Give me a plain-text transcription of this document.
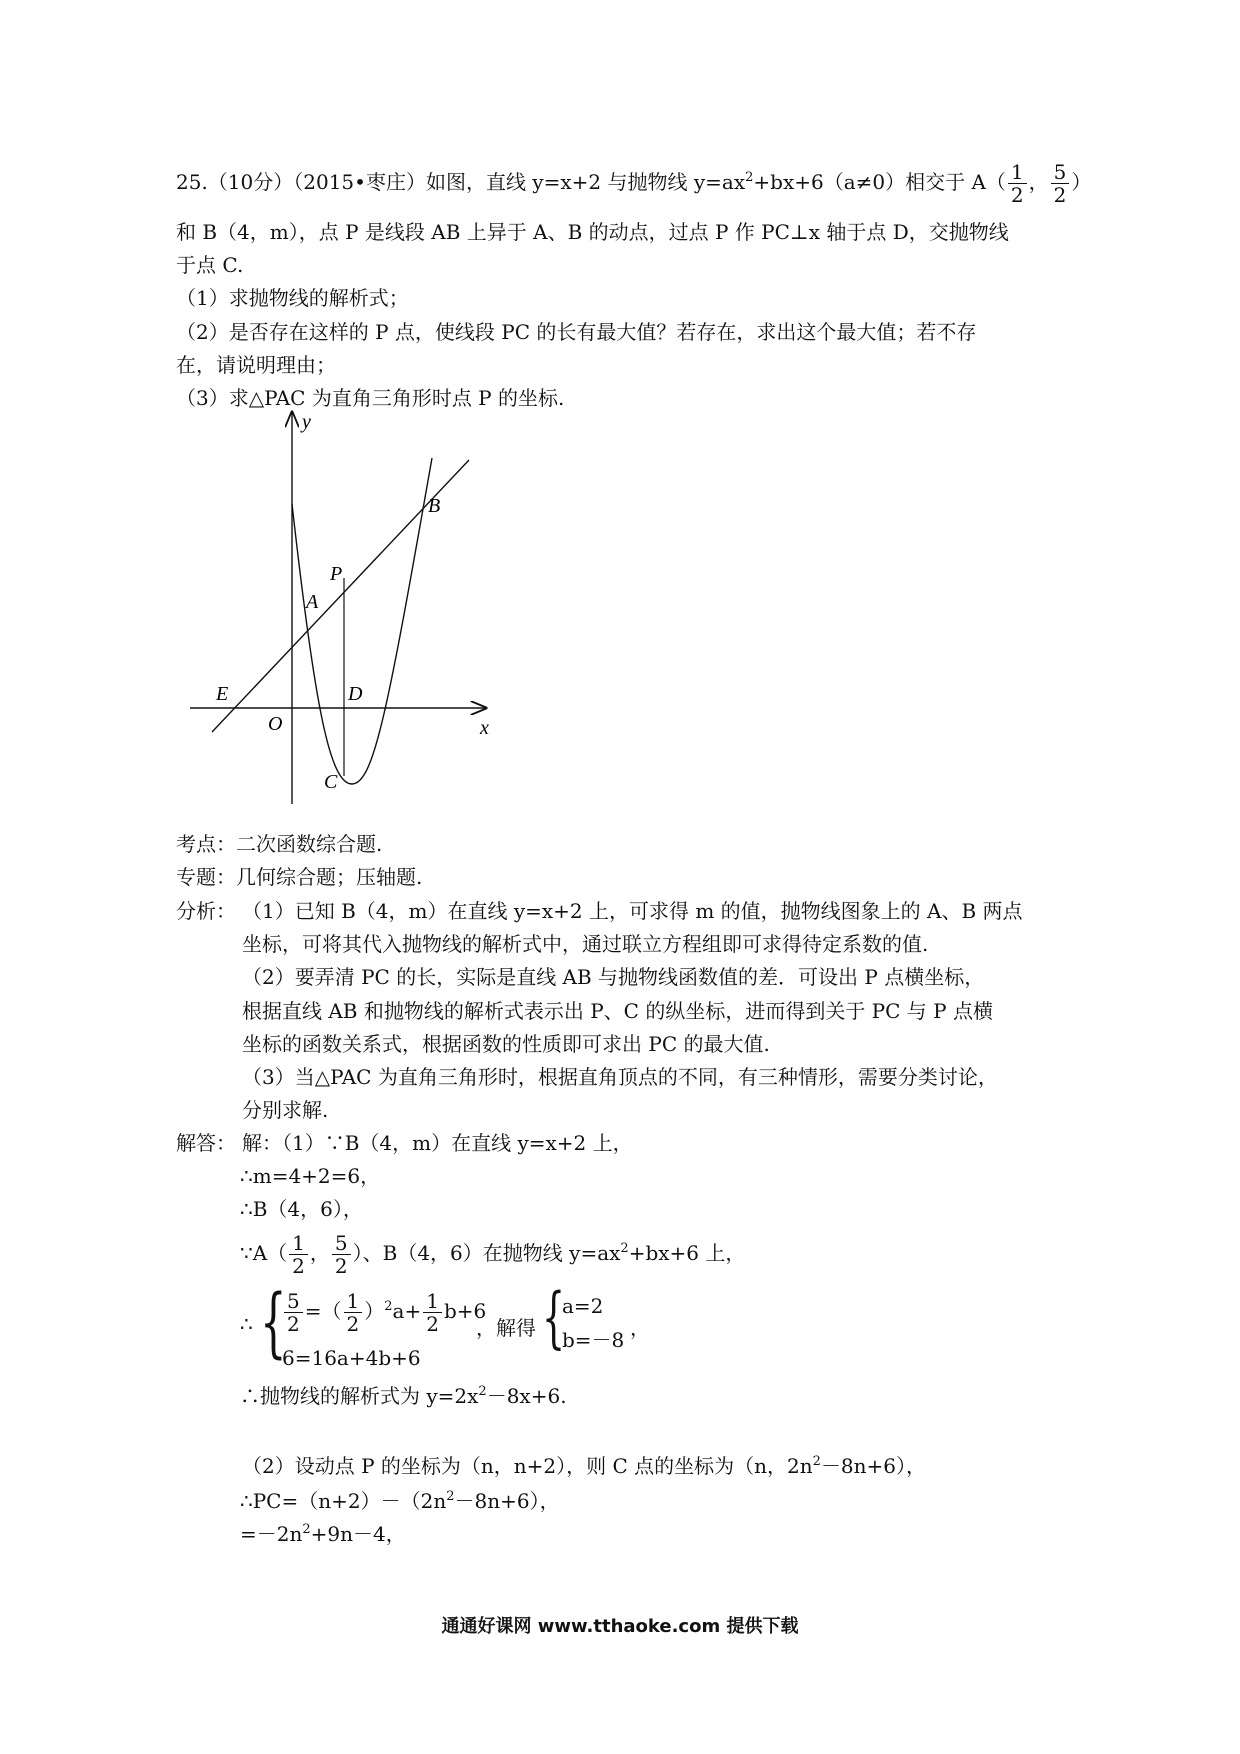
25.（10分）（2015•枣庄）如图，直线 y=x+2 与抛物线 $y=ax^2+bx+6(a\ne 0)$相交于 $A( \frac{1}{2}$ ， $\frac{5}{2}$ ）
和 B（4，m），点 P 是线段 AB 上异于 A、B 的动点，过点 P 作 PC⊥x 轴于点 D，交抛物线
于点 C.
（1）求抛物线的解析式；
（2）是否存在这样的 P 点，使线段 PC 的长有最大值？若存在，求出这个最大值；若不存
在，请说明理由；
（3）求△PAC 为直角三角形时点 P 的坐标.
y
x
B
P
A
E	D
O
C
考点：二次函数综合题.
专题：几何综合题；压轴题.
分析： （1）已知 B（4，m）在直线 y=x+2 上，可求得 m 的值，抛物线图象上的 A、B 两点
坐标，可将其代入抛物线的解析式中，通过联立方程组即可求得待定系数的值.
（2）要弄清 PC 的长，实际是直线 AB 与抛物线函数值的差．可设出 P 点横坐标，
根据直线 AB 和抛物线的解析式表示出 P、C 的纵坐标，进而得到关于 PC 与 P 点横
坐标的函数关系式，根据函数的性质即可求出 PC 的最大值.
（3）当△PAC 为直角三角形时，根据直角顶点的不同，有三种情形，需要分类讨论，
分别求解.
解答： 解：（1）∵B（4，m）在直线 y=x+2 上，
∴m=4+2=6，
∴B（4，6），
∵A（ $\frac{1}{2}$ ， $\frac{5}{2}$ ）、B（4，6）在抛物线 $y=ax^2+bx+6$ 上，
∴ {
$\frac{5}{2}$ =（ $\frac{1}{2} )^2a+ \frac{1}{2} b+6$
6=16a+4b+6
，解得 {
a=2
b=－8 ，
∴抛物线的解析式为 $y=2x^2-8x+6$.
（2）设动点 P 的坐标为（n，n+2），则 C 点的坐标为（n，$2n^2-8n+6$），
$\therefore PC=(n+2)-(2n^2-8n+6)$，
$=-2n^2+9n-4$，
通通好课网 www.tthaoke.com 提供下载
